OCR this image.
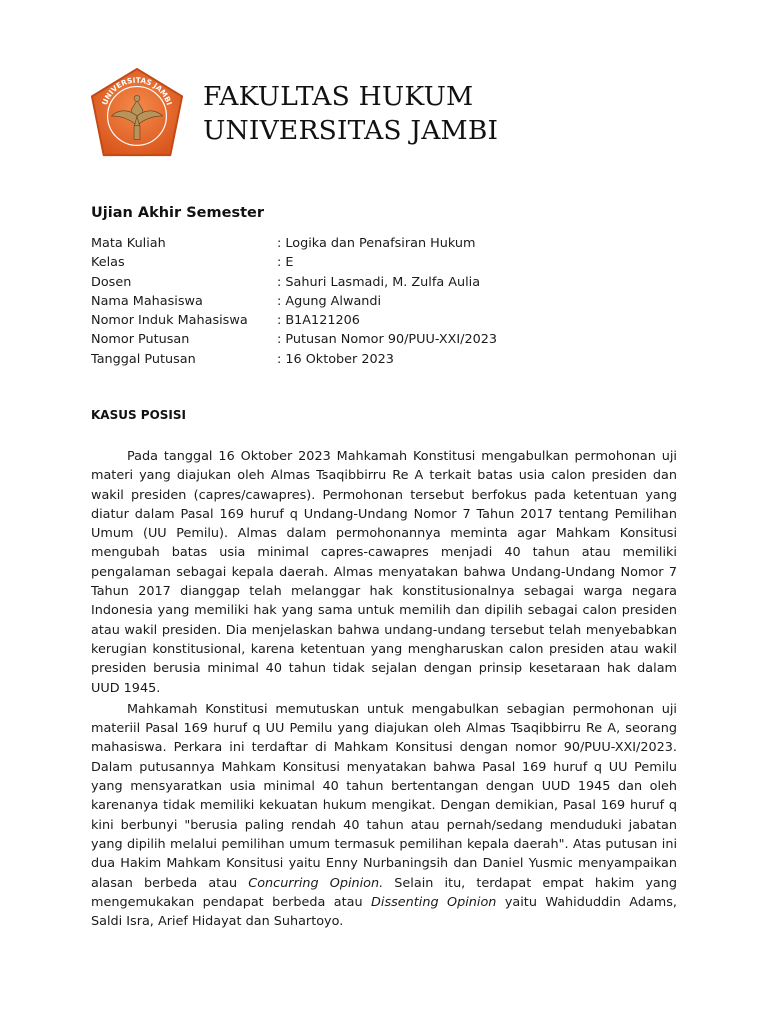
UNIVERSITAS JAMBI FAKULTAS HUKUM
UNIVERSITAS JAMBI
Ujian Akhir Semester
Mata Kuliah	: Logika dan Penafsiran Hukum
Kelas	: E
Dosen	: Sahuri Lasmadi, M. Zulfa Aulia
Nama Mahasiswa	: Agung Alwandi
Nomor Induk Mahasiswa : B1A121206
Nomor Putusan	: Putusan Nomor 90/PUU-XXI/2023
Tanggal Putusan	: 16 Oktober 2023
KASUS POSISI

Pada tanggal 16 Oktober 2023 Mahkamah Konstitusi mengabulkan permohonan uji materi yang diajukan oleh Almas Tsaqibbirru Re A terkait batas usia calon presiden dan wakil presiden (capres/cawapres). Permohonan tersebut berfokus pada ketentuan yang diatur dalam Pasal 169 huruf q Undang-Undang Nomor 7 Tahun 2017 tentang Pemilihan Umum (UU Pemilu). Almas dalam permohonannya meminta agar Mahkam Konsitusi mengubah batas usia minimal capres-cawapres menjadi 40 tahun atau memiliki pengalaman sebagai kepala daerah. Almas menyatakan bahwa Undang-Undang Nomor 7 Tahun 2017 dianggap telah melanggar hak konstitusionalnya sebagai warga negara Indonesia yang memiliki hak yang sama untuk memilih dan dipilih sebagai calon presiden atau wakil presiden. Dia menjelaskan bahwa undang-undang tersebut telah menyebabkan kerugian konstitusional, karena ketentuan yang mengharuskan calon presiden atau wakil presiden berusia minimal 40 tahun tidak sejalan dengan prinsip kesetaraan hak dalam UUD 1945.

Mahkamah Konstitusi memutuskan untuk mengabulkan sebagian permohonan uji materiil Pasal 169 huruf q UU Pemilu yang diajukan oleh Almas Tsaqibbirru Re A, seorang mahasiswa. Perkara ini terdaftar di Mahkam Konsitusi dengan nomor 90/PUU-XXI/2023. Dalam putusannya Mahkam Konsitusi menyatakan bahwa Pasal 169 huruf q UU Pemilu yang mensyaratkan usia minimal 40 tahun bertentangan dengan UUD 1945 dan oleh karenanya tidak memiliki kekuatan hukum mengikat. Dengan demikian, Pasal 169 huruf q kini berbunyi "berusia paling rendah 40 tahun atau pernah/sedang menduduki jabatan yang dipilih melalui pemilihan umum termasuk pemilihan kepala daerah". Atas putusan ini dua Hakim Mahkam Konsitusi yaitu Enny Nurbaningsih dan Daniel Yusmic menyampaikan alasan berbeda atau Concurring Opinion. Selain itu, terdapat empat hakim yang mengemukakan pendapat berbeda atau Dissenting Opinion yaitu Wahiduddin Adams, Saldi Isra, Arief Hidayat dan Suhartoyo.
